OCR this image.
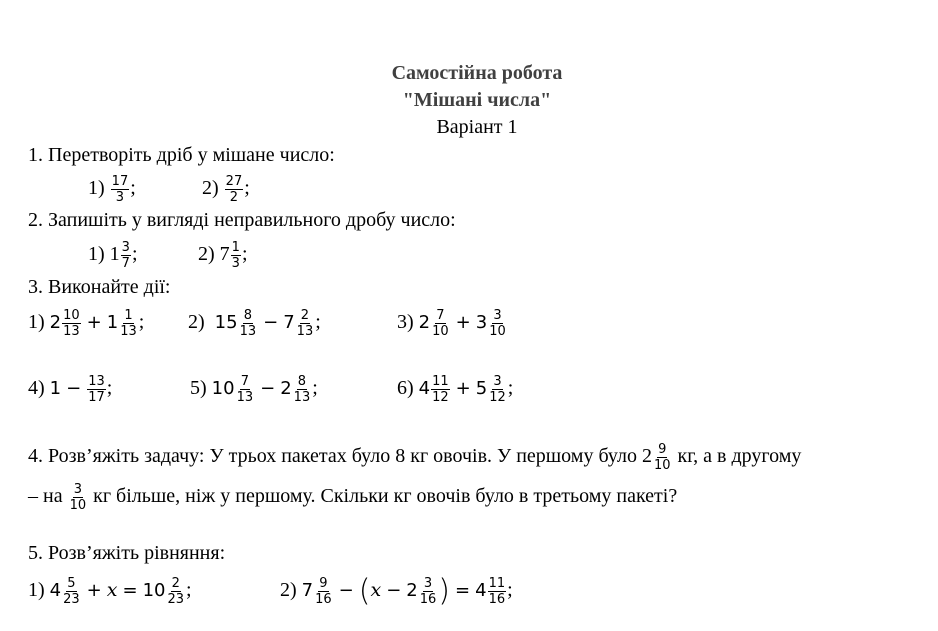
Самостійна робота
"Мішані числа"
Варіант 1
1. Перетворіть дріб у мішане число:
$1) \frac{17}{3}$ ;	$2) \frac{27}{2}$ ;
2. Запишіть у вигляді неправильного дробу число:
1) $1 \frac{3}{7}$ ;	2) $7 \frac{1}{3}$ ;
3. Виконайте дії:
1) $2 \frac{10}{13} + 1 \frac{1}{13}$ ; 2) $15 \frac{8}{13} - 7 \frac{2}{13}$ ;	3) $2 \frac{7}{10} + 3 \frac{3}{10}$
4) $1 - \frac{13}{17}$ ;	5) $10 \frac{7}{13} - 2 \frac{8}{13}$ ;	6) $4 \frac{11}{12} + 5 \frac{3}{12}$ ;
4. Розв’яжіть задачу: У трьох пакетах було 8 кг овочів. У першому було $2 \frac{9}{10}$ кг, а в другому
– на $\frac{3}{10}$ кг більше, ніж у першому. Скільки кг овочів було в третьому пакеті?
5. Розв’яжіть рівняння:
1) $4 \frac{5}{23} + x = 10 \frac{2}{23}$ ;	2) $7 \frac{9}{16} - (x - 2 \frac{3}{16}$ ) = $4 \frac{11}{16}$ ;
